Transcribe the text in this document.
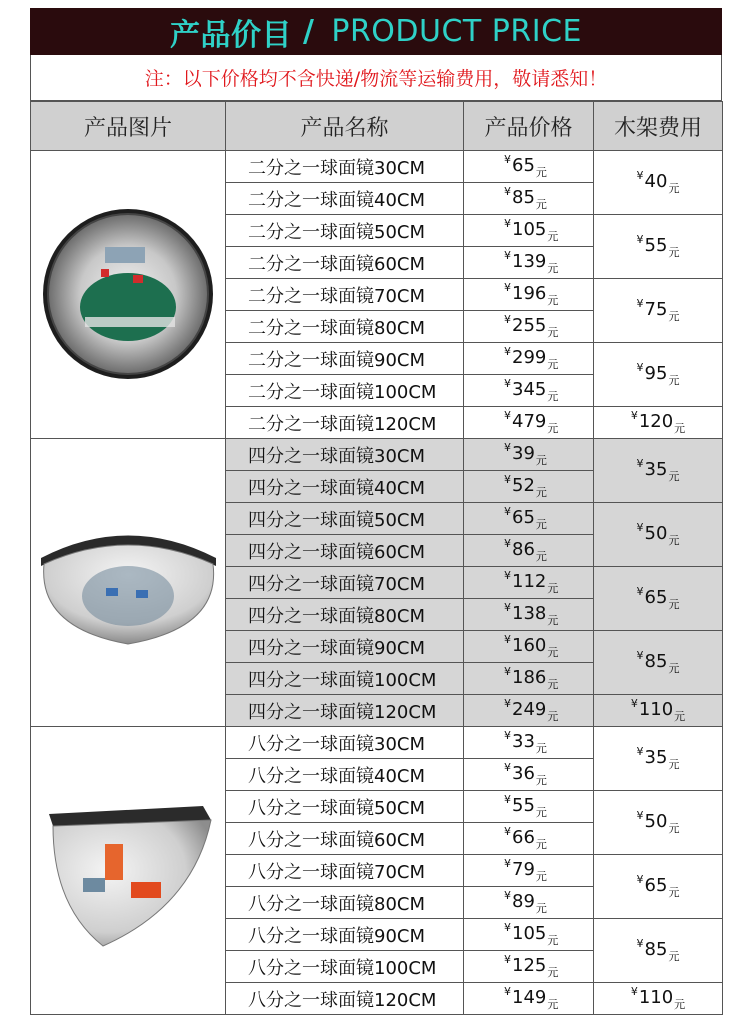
产品价目 / PRODUCT PRICE
注：以下价格均不含快递/物流等运输费用，敬请悉知！
产品图片	产品名称	产品价格	木架费用

	二分之一球面镜30CM	$^¥65_元$	$^¥40_元$
	二分之一球面镜40CM	$^¥85_元$
	二分之一球面镜50CM	$^¥105_元$	$^¥55_元$
	二分之一球面镜60CM	$^¥139_元$
	二分之一球面镜70CM	$^¥196_元$	$^¥75_元$
	二分之一球面镜80CM	$^¥255_元$
	二分之一球面镜90CM	$^¥299_元$	$^¥95_元$
	二分之一球面镜100CM	$^¥345_元$
	二分之一球面镜120CM	$^¥479_元$	$^¥120_元$

	四分之一球面镜30CM	$^¥39_元$	$^¥35_元$
	四分之一球面镜40CM	$^¥52_元$
	四分之一球面镜50CM	$^¥65_元$	$^¥50_元$
	四分之一球面镜60CM	$^¥86_元$
	四分之一球面镜70CM	$^¥112_元$	$^¥65_元$
	四分之一球面镜80CM	$^¥138_元$
	四分之一球面镜90CM	$^¥160_元$	$^¥85_元$
	四分之一球面镜100CM	$^¥186_元$
	四分之一球面镜120CM	$^¥249_元$	$^¥110_元$

	八分之一球面镜30CM	$^¥33_元$	$^¥35_元$
	八分之一球面镜40CM	$^¥36_元$
	八分之一球面镜50CM	$^¥55_元$	$^¥50_元$
	八分之一球面镜60CM	$^¥66_元$
	八分之一球面镜70CM	$^¥79_元$	$^¥65_元$
	八分之一球面镜80CM	$^¥89_元$
	八分之一球面镜90CM	$^¥105_元$	$^¥85_元$
	八分之一球面镜100CM	$^¥125_元$
	八分之一球面镜120CM	$^¥149_元$	$^¥110_元$
